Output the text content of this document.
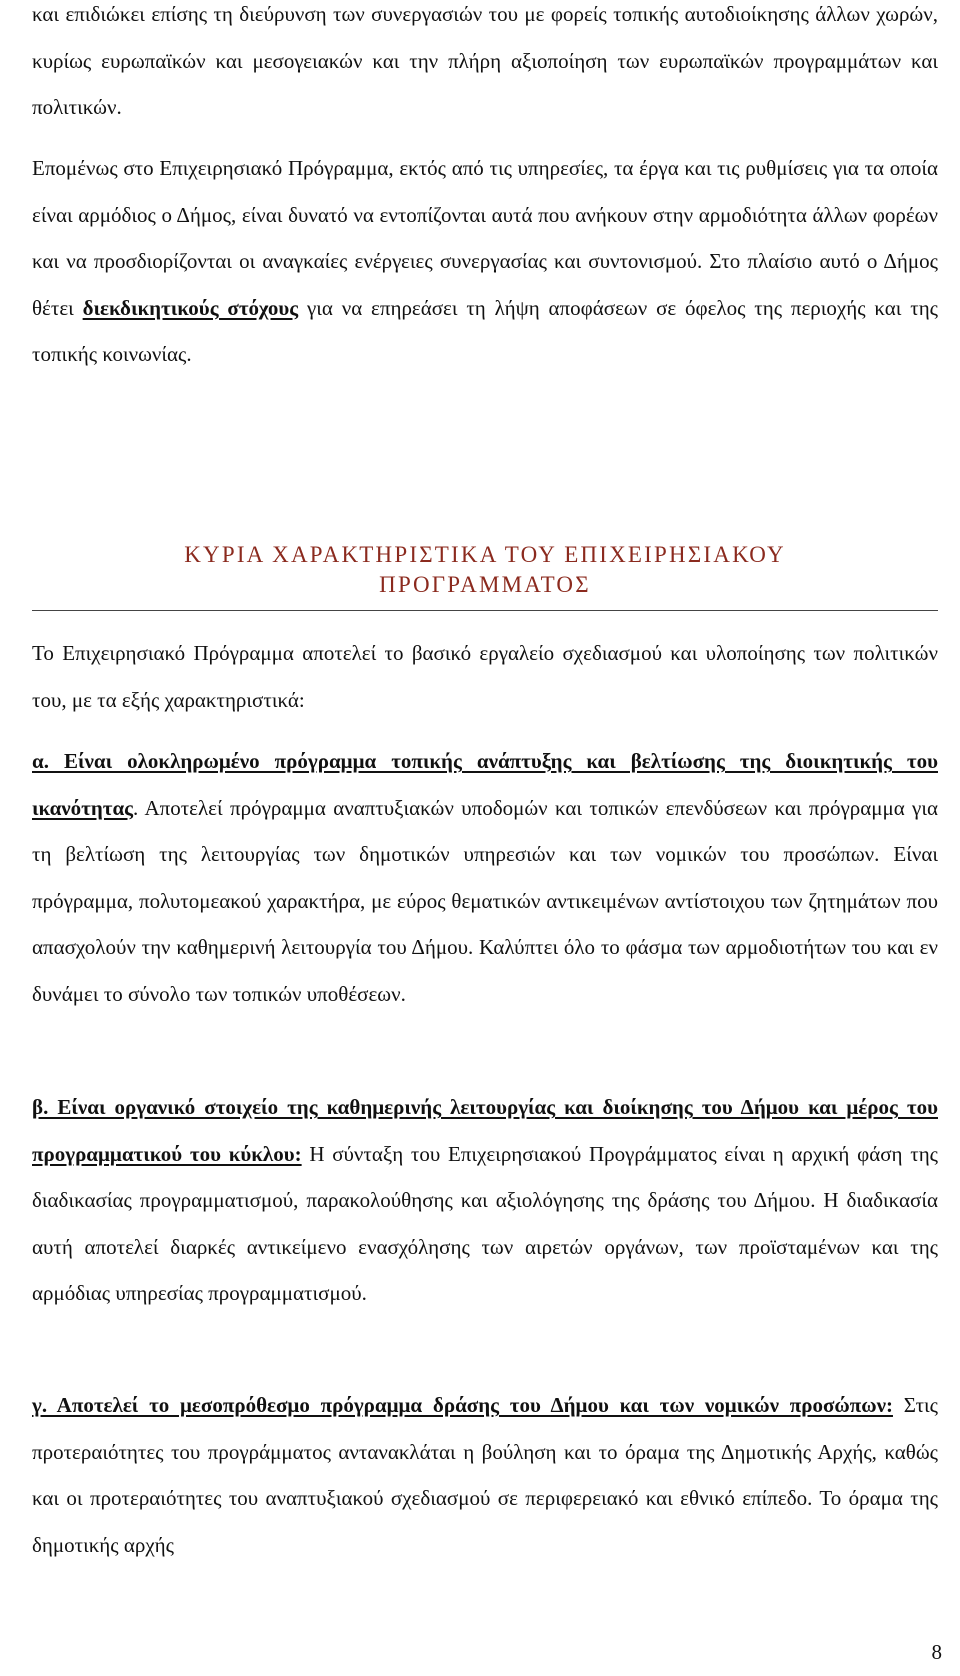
και επιδιώκει επίσης τη διεύρυνση των συνεργασιών του με φορείς τοπικής αυτοδιοίκησης άλλων χωρών, κυρίως ευρωπαϊκών και μεσογειακών και την πλήρη αξιοποίηση των ευρωπαϊκών προγραμμάτων και πολιτικών.

Επομένως στο Επιχειρησιακό Πρόγραμμα, εκτός από τις υπηρεσίες, τα έργα και τις ρυθμίσεις για τα οποία είναι αρμόδιος ο Δήμος, είναι δυνατό να εντοπίζονται αυτά που ανήκουν στην αρμοδιότητα άλλων φορέων και να προσδιορίζονται οι αναγκαίες ενέργειες συνεργασίας και συντονισμού. Στο πλαίσιο αυτό ο Δήμος θέτει διεκδικητικούς στόχους για να επηρεάσει τη λήψη αποφάσεων σε όφελος της περιοχής και της τοπικής κοινωνίας.

ΚΥΡΙΑ ΧΑΡΑΚΤΗΡΙΣΤΙΚΑ ΤΟΥ ΕΠΙΧΕΙΡΗΣΙΑΚΟΥ
ΠΡΟΓΡΑΜΜΑΤΟΣ

Το Επιχειρησιακό Πρόγραμμα αποτελεί το βασικό εργαλείο σχεδιασμού και υλοποίησης των πολιτικών του, με τα εξής χαρακτηριστικά:

α. Είναι ολοκληρωμένο πρόγραμμα τοπικής ανάπτυξης και βελτίωσης της διοικητικής του ικανότητας. Αποτελεί πρόγραμμα αναπτυξιακών υποδομών και τοπικών επενδύσεων και πρόγραμμα για τη βελτίωση της λειτουργίας των δημοτικών υπηρεσιών και των νομικών του προσώπων. Είναι πρόγραμμα, πολυτομεακού χαρακτήρα, με εύρος θεματικών αντικειμένων αντίστοιχου των ζητημάτων που απασχολούν την καθημερινή λειτουργία του Δήμου. Καλύπτει όλο το φάσμα των αρμοδιοτήτων του και εν δυνάμει το σύνολο των τοπικών υποθέσεων.

β. Είναι οργανικό στοιχείο της καθημερινής λειτουργίας και διοίκησης του Δήμου και μέρος του προγραμματικού του κύκλου: Η σύνταξη του Επιχειρησιακού Προγράμματος είναι η αρχική φάση της διαδικασίας προγραμματισμού, παρακολούθησης και αξιολόγησης της δράσης του Δήμου. Η διαδικασία αυτή αποτελεί διαρκές αντικείμενο ενασχόλησης των αιρετών οργάνων, των προϊσταμένων και της αρμόδιας υπηρεσίας προγραμματισμού.

γ. Αποτελεί το μεσοπρόθεσμο πρόγραμμα δράσης του Δήμου και των νομικών προσώπων: Στις προτεραιότητες του προγράμματος αντανακλάται η βούληση και το όραμα της Δημοτικής Αρχής, καθώς και οι προτεραιότητες του αναπτυξιακού σχεδιασμού σε περιφερειακό και εθνικό επίπεδο. Το όραμα της δημοτικής αρχής

8
